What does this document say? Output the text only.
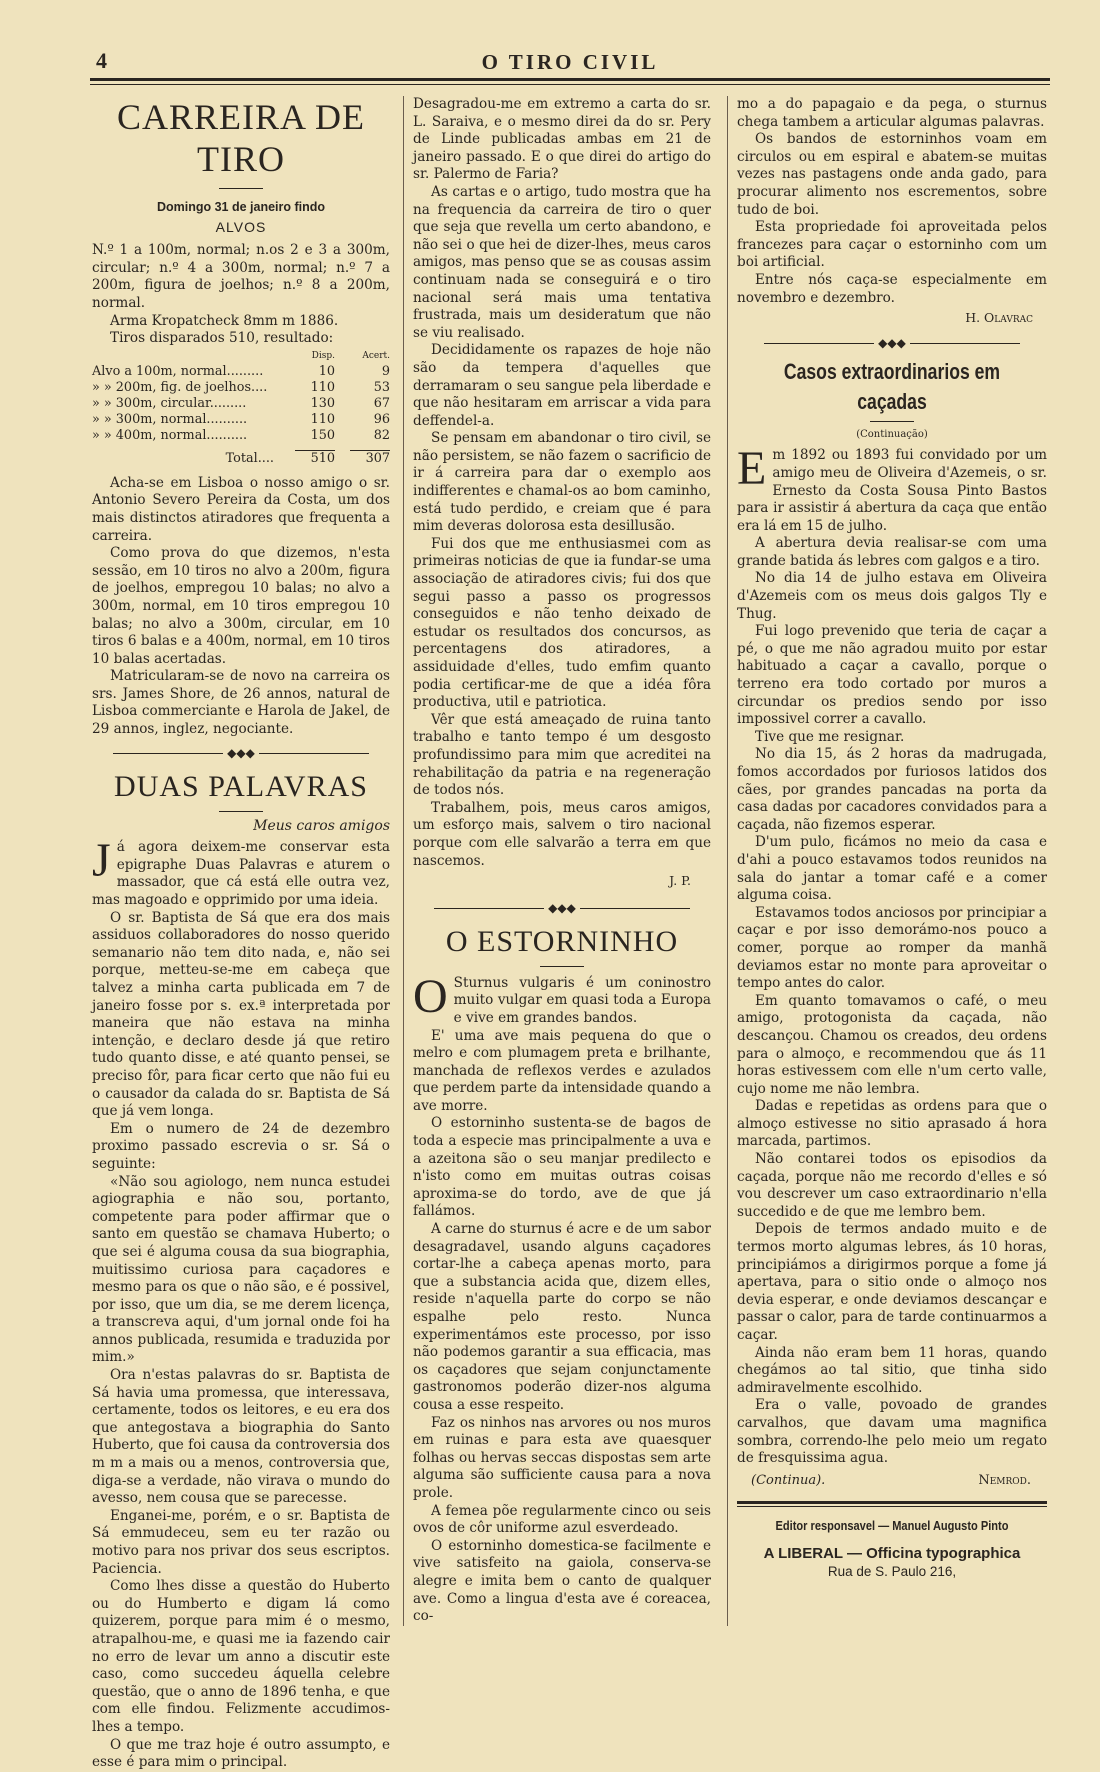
4	O TIRO CIVIL
CARREIRA DE TIRO
Domingo 31 de janeiro findo
ALVOS

N.º 1 a 100m, normal; n.os 2 e 3 a 300m, circular; n.º 4 a 300m, normal; n.º 7 a 200m, figura de joelhos; n.º 8 a 200m, normal.

Arma Kropatcheck 8mm m 1886.

Tiros disparados 510, resultado:

	Disp.	Acert.
Alvo a 100m, normal.........	10	9
» » 200m, fig. de joelhos....	110	53
» » 300m, circular.........	130	67
» » 300m, normal..........	110	96
» » 400m, normal..........	150	82

Total....	510	307

Acha-se em Lisboa o nosso amigo o sr. Antonio Severo Pereira da Costa, um dos mais distinctos atiradores que frequenta a carreira.

Como prova do que dizemos, n'esta sessão, em 10 tiros no alvo a 200m, figura de joelhos, empregou 10 balas; no alvo a 300m, normal, em 10 tiros empregou 10 balas; no alvo a 300m, circular, em 10 tiros 6 balas e a 400m, normal, em 10 tiros 10 balas acertadas.

Matricularam-se de novo na carreira os srs. James Shore, de 26 annos, natural de Lisboa commerciante e Harola de Jakel, de 29 annos, inglez, negociante.

◆◆◆
DUAS PALAVRAS
Meus caros amigos

Já agora deixem-me conservar esta epigraphe Duas Palavras e aturem o massador, que cá está elle outra vez, mas magoado e opprimido por uma ideia.

O sr. Baptista de Sá que era dos mais assiduos collaboradores do nosso querido semanario não tem dito nada, e, não sei porque, metteu-se-me em cabeça que talvez a minha carta publicada em 7 de janeiro fosse por s. ex.ª interpretada por maneira que não estava na minha intenção, e declaro desde já que retiro tudo quanto disse, e até quanto pensei, se preciso fôr, para ficar certo que não fui eu o causador da calada do sr. Baptista de Sá que já vem longa.

Em o numero de 24 de dezembro proximo passado escrevia o sr. Sá o seguinte:

«Não sou agiologo, nem nunca estudei agiographia e não sou, portanto, competente para poder affirmar que o santo em questão se chamava Huberto; o que sei é alguma cousa da sua biographia, muitissimo curiosa para caçadores e mesmo para os que o não são, e é possivel, por isso, que um dia, se me derem licença, a transcreva aqui, d'um jornal onde foi ha annos publicada, resumida e traduzida por mim.»

Ora n'estas palavras do sr. Baptista de Sá havia uma promessa, que interessava, certamente, todos os leitores, e eu era dos que antegostava a biographia do Santo Huberto, que foi causa da controversia dos m m a mais ou a menos, controversia que, diga-se a verdade, não virava o mundo do avesso, nem cousa que se parecesse.

Enganei-me, porém, e o sr. Baptista de Sá emmudeceu, sem eu ter razão ou motivo para nos privar dos seus escriptos. Paciencia.

Como lhes disse a questão do Huberto ou do Humberto e digam lá como quizerem, porque para mim é o mesmo, atrapalhou-me, e quasi me ia fazendo cair no erro de levar um anno a discutir este caso, como succedeu áquella celebre questão, que o anno de 1896 tenha, e que com elle findou. Felizmente accudimos-lhes a tempo.

O que me traz hoje é outro assumpto, e esse é para mim o principal.

Desagradou-me em extremo a carta do sr. L. Saraiva, e o mesmo direi da do sr. Pery de Linde publicadas ambas em 21 de janeiro passado. E o que direi do artigo do sr. Palermo de Faria?

As cartas e o artigo, tudo mostra que ha na frequencia da carreira de tiro o quer que seja que revella um certo abandono, e não sei o que hei de dizer-lhes, meus caros amigos, mas penso que se as cousas assim continuam nada se conseguirá e o tiro nacional será mais uma tentativa frustrada, mais um desideratum que não se viu realisado.

Decididamente os rapazes de hoje não são da tempera d'aquelles que derramaram o seu sangue pela liberdade e que não hesitaram em arriscar a vida para deffendel-a.

Se pensam em abandonar o tiro civil, se não persistem, se não fazem o sacrificio de ir á carreira para dar o exemplo aos indifferentes e chamal-os ao bom caminho, está tudo perdido, e creiam que é para mim deveras dolorosa esta desillusão.

Fui dos que me enthusiasmei com as primeiras noticias de que ia fundar-se uma associação de atiradores civis; fui dos que segui passo a passo os progressos conseguidos e não tenho deixado de estudar os resultados dos concursos, as percentagens dos atiradores, a assiduidade d'elles, tudo emfim quanto podia certificar-me de que a idéa fôra productiva, util e patriotica.

Vêr que está ameaçado de ruina tanto trabalho e tanto tempo é um desgosto profundissimo para mim que acreditei na rehabilitação da patria e na regeneração de todos nós.

Trabalhem, pois, meus caros amigos, um esforço mais, salvem o tiro nacional porque com elle salvarão a terra em que nascemos.

J. P.
◆◆◆
O ESTORNINHO

O Sturnus vulgaris é um coninostro muito vulgar em quasi toda a Europa e vive em grandes bandos.

E' uma ave mais pequena do que o melro e com plumagem preta e brilhante, manchada de reflexos verdes e azulados que perdem parte da intensidade quando a ave morre.

O estorninho sustenta-se de bagos de toda a especie mas principalmente a uva e a azeitona são o seu manjar predilecto e n'isto como em muitas outras coisas aproxima-se do tordo, ave de que já fallámos.

A carne do sturnus é acre e de um sabor desagradavel, usando alguns caçadores cortar-lhe a cabeça apenas morto, para que a substancia acida que, dizem elles, reside n'aquella parte do corpo se não espalhe pelo resto. Nunca experimentámos este processo, por isso não podemos garantir a sua efficacia, mas os caçadores que sejam conjunctamente gastronomos poderão dizer-nos alguma cousa a esse respeito.

Faz os ninhos nas arvores ou nos muros em ruinas e para esta ave quaesquer folhas ou hervas seccas dispostas sem arte alguma são sufficiente causa para a nova prole.

A femea põe regularmente cinco ou seis ovos de côr uniforme azul esverdeado.

O estorninho domestica-se facilmente e vive satisfeito na gaiola, conserva-se alegre e imita bem o canto de qualquer ave. Como a lingua d'esta ave é coreacea, co-

mo a do papagaio e da pega, o sturnus chega tambem a articular algumas palavras.

Os bandos de estorninhos voam em circulos ou em espiral e abatem-se muitas vezes nas pastagens onde anda gado, para procurar alimento nos escrementos, sobre tudo de boi.

Esta propriedade foi aproveitada pelos francezes para caçar o estorninho com um boi artificial.

Entre nós caça-se especialmente em novembro e dezembro.

H. Olavrac
◆◆◆
Casos extraordinarios em caçadas
(Continuação)

Em 1892 ou 1893 fui convidado por um amigo meu de Oliveira d'Azemeis, o sr. Ernesto da Costa Sousa Pinto Bastos para ir assistir á abertura da caça que então era lá em 15 de julho.

A abertura devia realisar-se com uma grande batida ás lebres com galgos e a tiro.

No dia 14 de julho estava em Oliveira d'Azemeis com os meus dois galgos Tly e Thug.

Fui logo prevenido que teria de caçar a pé, o que me não agradou muito por estar habituado a caçar a cavallo, porque o terreno era todo cortado por muros a circundar os predios sendo por isso impossivel correr a cavallo.

Tive que me resignar.

No dia 15, ás 2 horas da madrugada, fomos accordados por furiosos latidos dos cães, por grandes pancadas na porta da casa dadas por cacadores convidados para a caçada, não fizemos esperar.

D'um pulo, ficámos no meio da casa e d'ahi a pouco estavamos todos reunidos na sala do jantar a tomar café e a comer alguma coisa.

Estavamos todos anciosos por principiar a caçar e por isso demorámo-nos pouco a comer, porque ao romper da manhã deviamos estar no monte para aproveitar o tempo antes do calor.

Em quanto tomavamos o café, o meu amigo, protogonista da caçada, não descançou. Chamou os creados, deu ordens para o almoço, e recommendou que ás 11 horas estivessem com elle n'um certo valle, cujo nome me não lembra.

Dadas e repetidas as ordens para que o almoço estivesse no sitio aprasado á hora marcada, partimos.

Não contarei todos os episodios da caçada, porque não me recordo d'elles e só vou descrever um caso extraordinario n'ella succedido e de que me lembro bem.

Depois de termos andado muito e de termos morto algumas lebres, ás 10 horas, principiámos a dirigirmos porque a fome já apertava, para o sitio onde o almoço nos devia esperar, e onde deviamos descançar e passar o calor, para de tarde continuarmos a caçar.

Ainda não eram bem 11 horas, quando chegámos ao tal sitio, que tinha sido admiravelmente escolhido.

Era o valle, povoado de grandes carvalhos, que davam uma magnifica sombra, correndo-lhe pelo meio um regato de fresquissima agua.

(Continua).	Nemrod.
Editor responsavel — Manuel Augusto Pinto
A LIBERAL — Officina typographica
Rua de S. Paulo 216,
